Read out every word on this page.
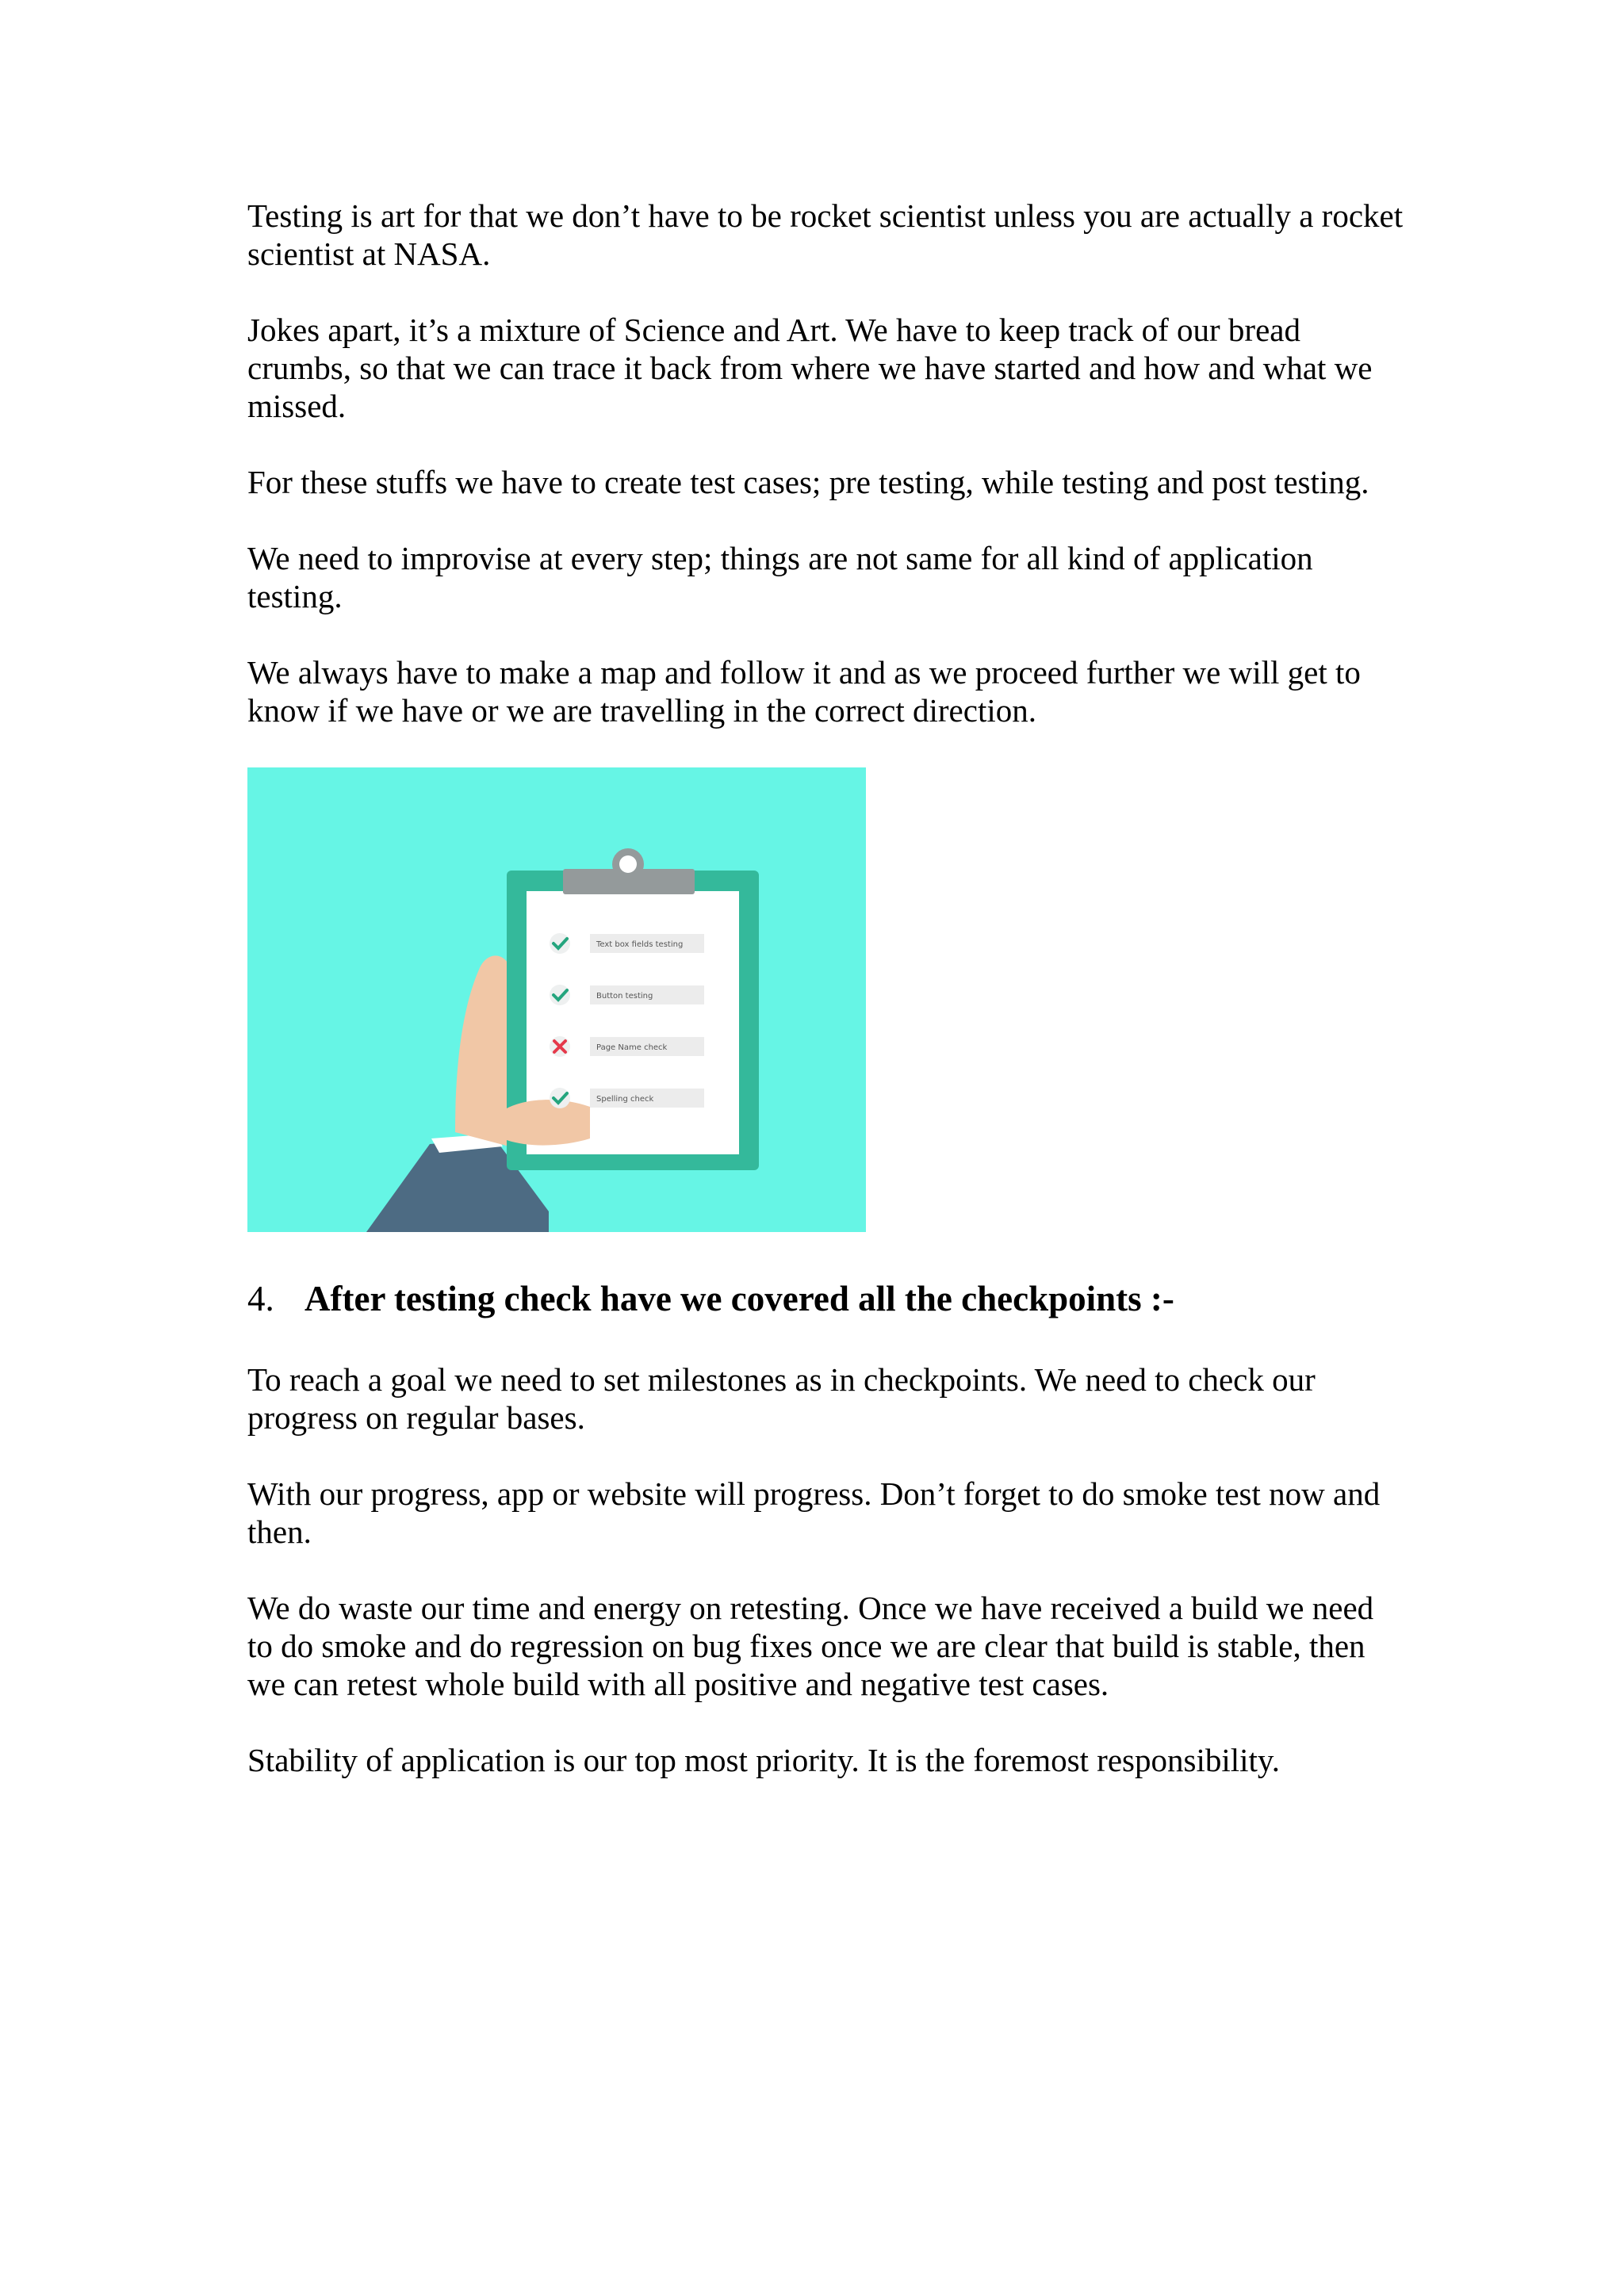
Testing is art for that we don’t have to be rocket scientist unless you are actually a rocket scientist at NASA.

Jokes apart, it’s a mixture of Science and Art. We have to keep track of our bread crumbs, so that we can trace it back from where we have started and how and what we missed.

For these stuffs we have to create test cases; pre testing, while testing and post testing.

We need to improvise at every step; things are not same for all kind of application testing.

We always have to make a map and follow it and as we proceed further we will get to know if we have or we are travelling in the correct direction.

Text box fields testing
Button testing
Page Name check
Spelling check
4. After testing check have we covered all the checkpoints :-

To reach a goal we need to set milestones as in checkpoints. We need to check our progress on regular bases.

With our progress, app or website will progress. Don’t forget to do smoke test now and then.

We do waste our time and energy on retesting. Once we have received a build we need to do smoke and do regression on bug fixes once we are clear that build is stable, then we can retest whole build with all positive and negative test cases.

Stability of application is our top most priority. It is the foremost responsibility.
